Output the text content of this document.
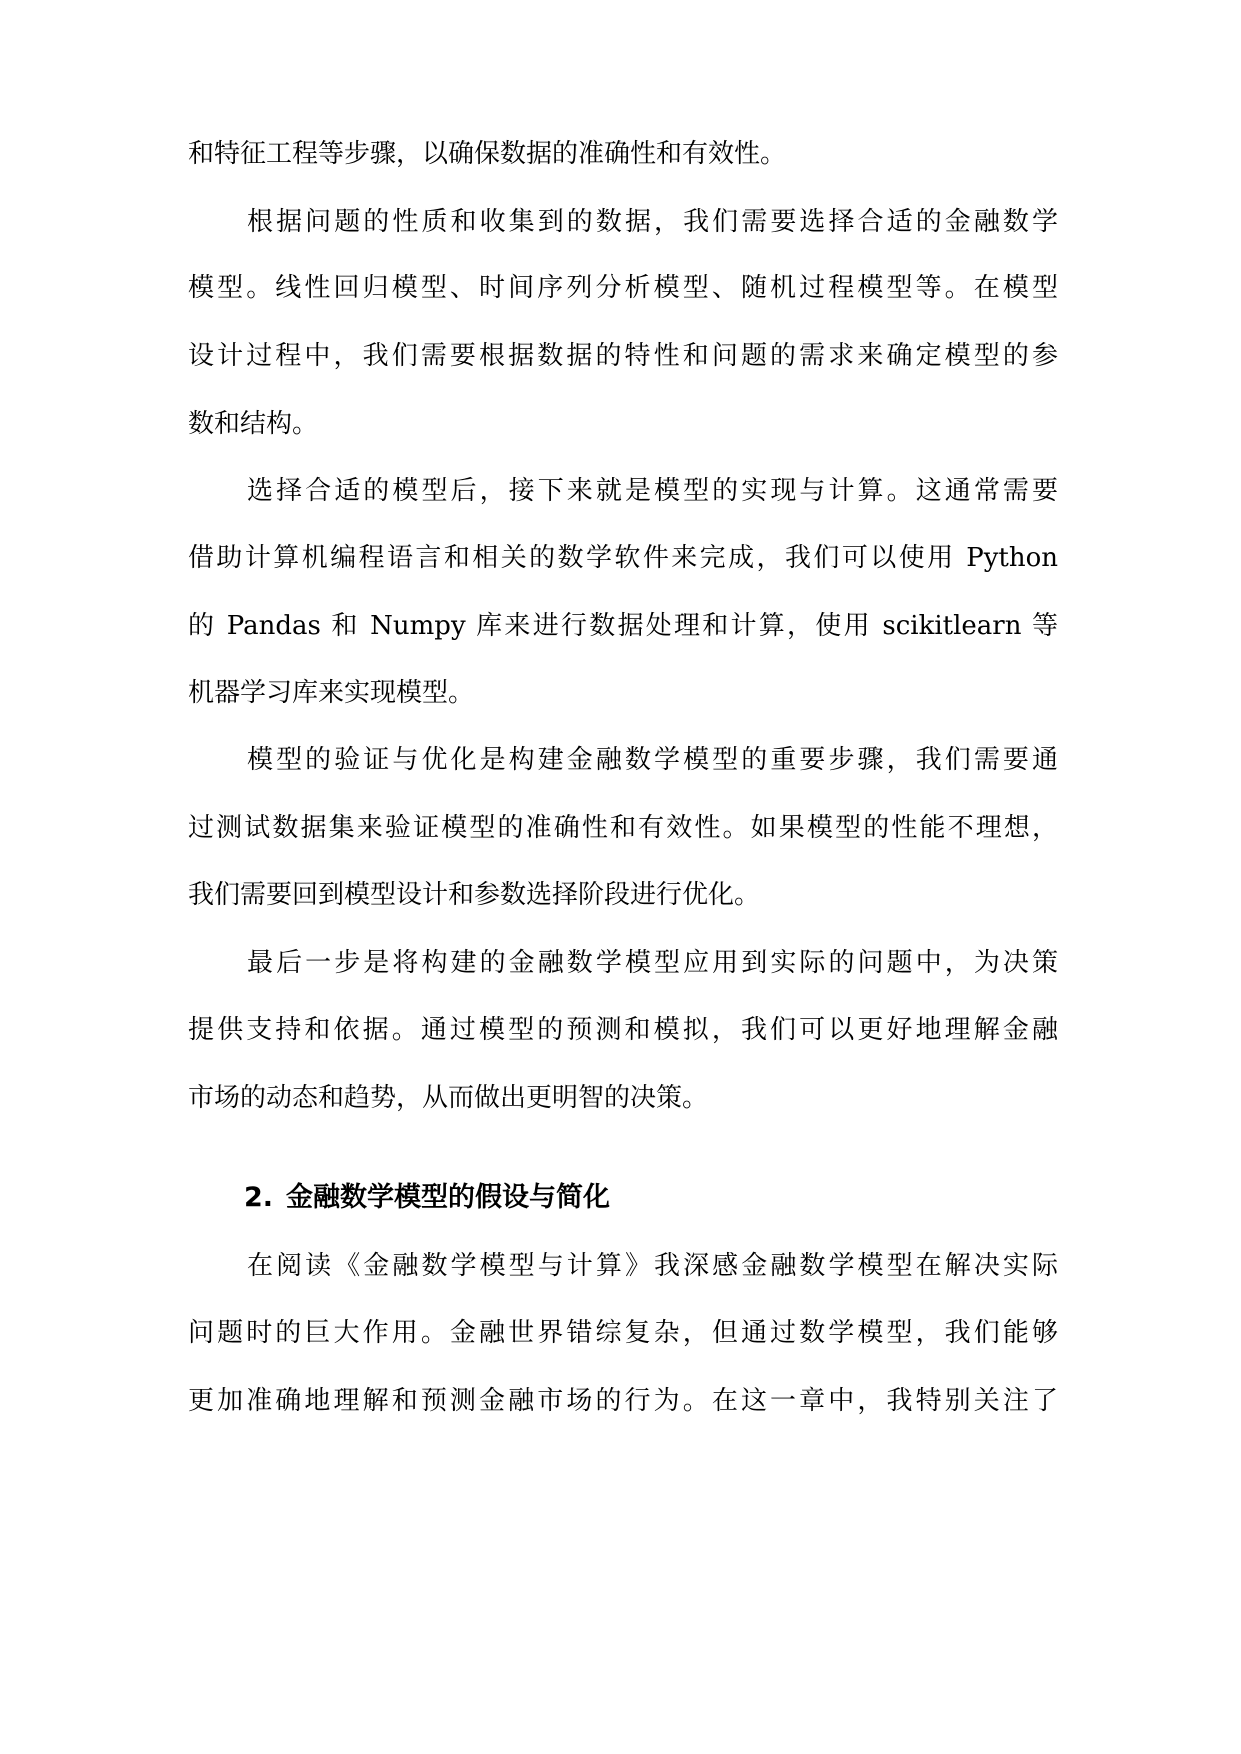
和特征工程等步骤，以确保数据的准确性和有效性。
根据问题的性质和收集到的数据，我们需要选择合适的金融数学
模型。线性回归模型、时间序列分析模型、随机过程模型等。在模型
设计过程中，我们需要根据数据的特性和问题的需求来确定模型的参
数和结构。
选择合适的模型后，接下来就是模型的实现与计算。这通常需要
借助计算机编程语言和相关的数学软件来完成，我们可以使用 Python
的 Pandas 和 Numpy 库来进行数据处理和计算，使用 scikitlearn 等
机器学习库来实现模型。
模型的验证与优化是构建金融数学模型的重要步骤，我们需要通
过测试数据集来验证模型的准确性和有效性。如果模型的性能不理想，
我们需要回到模型设计和参数选择阶段进行优化。
最后一步是将构建的金融数学模型应用到实际的问题中，为决策
提供支持和依据。通过模型的预测和模拟，我们可以更好地理解金融
市场的动态和趋势，从而做出更明智的决策。
2. 金融数学模型的假设与简化
在阅读《金融数学模型与计算》我深感金融数学模型在解决实际
问题时的巨大作用。金融世界错综复杂，但通过数学模型，我们能够
更加准确地理解和预测金融市场的行为。在这一章中，我特别关注了
